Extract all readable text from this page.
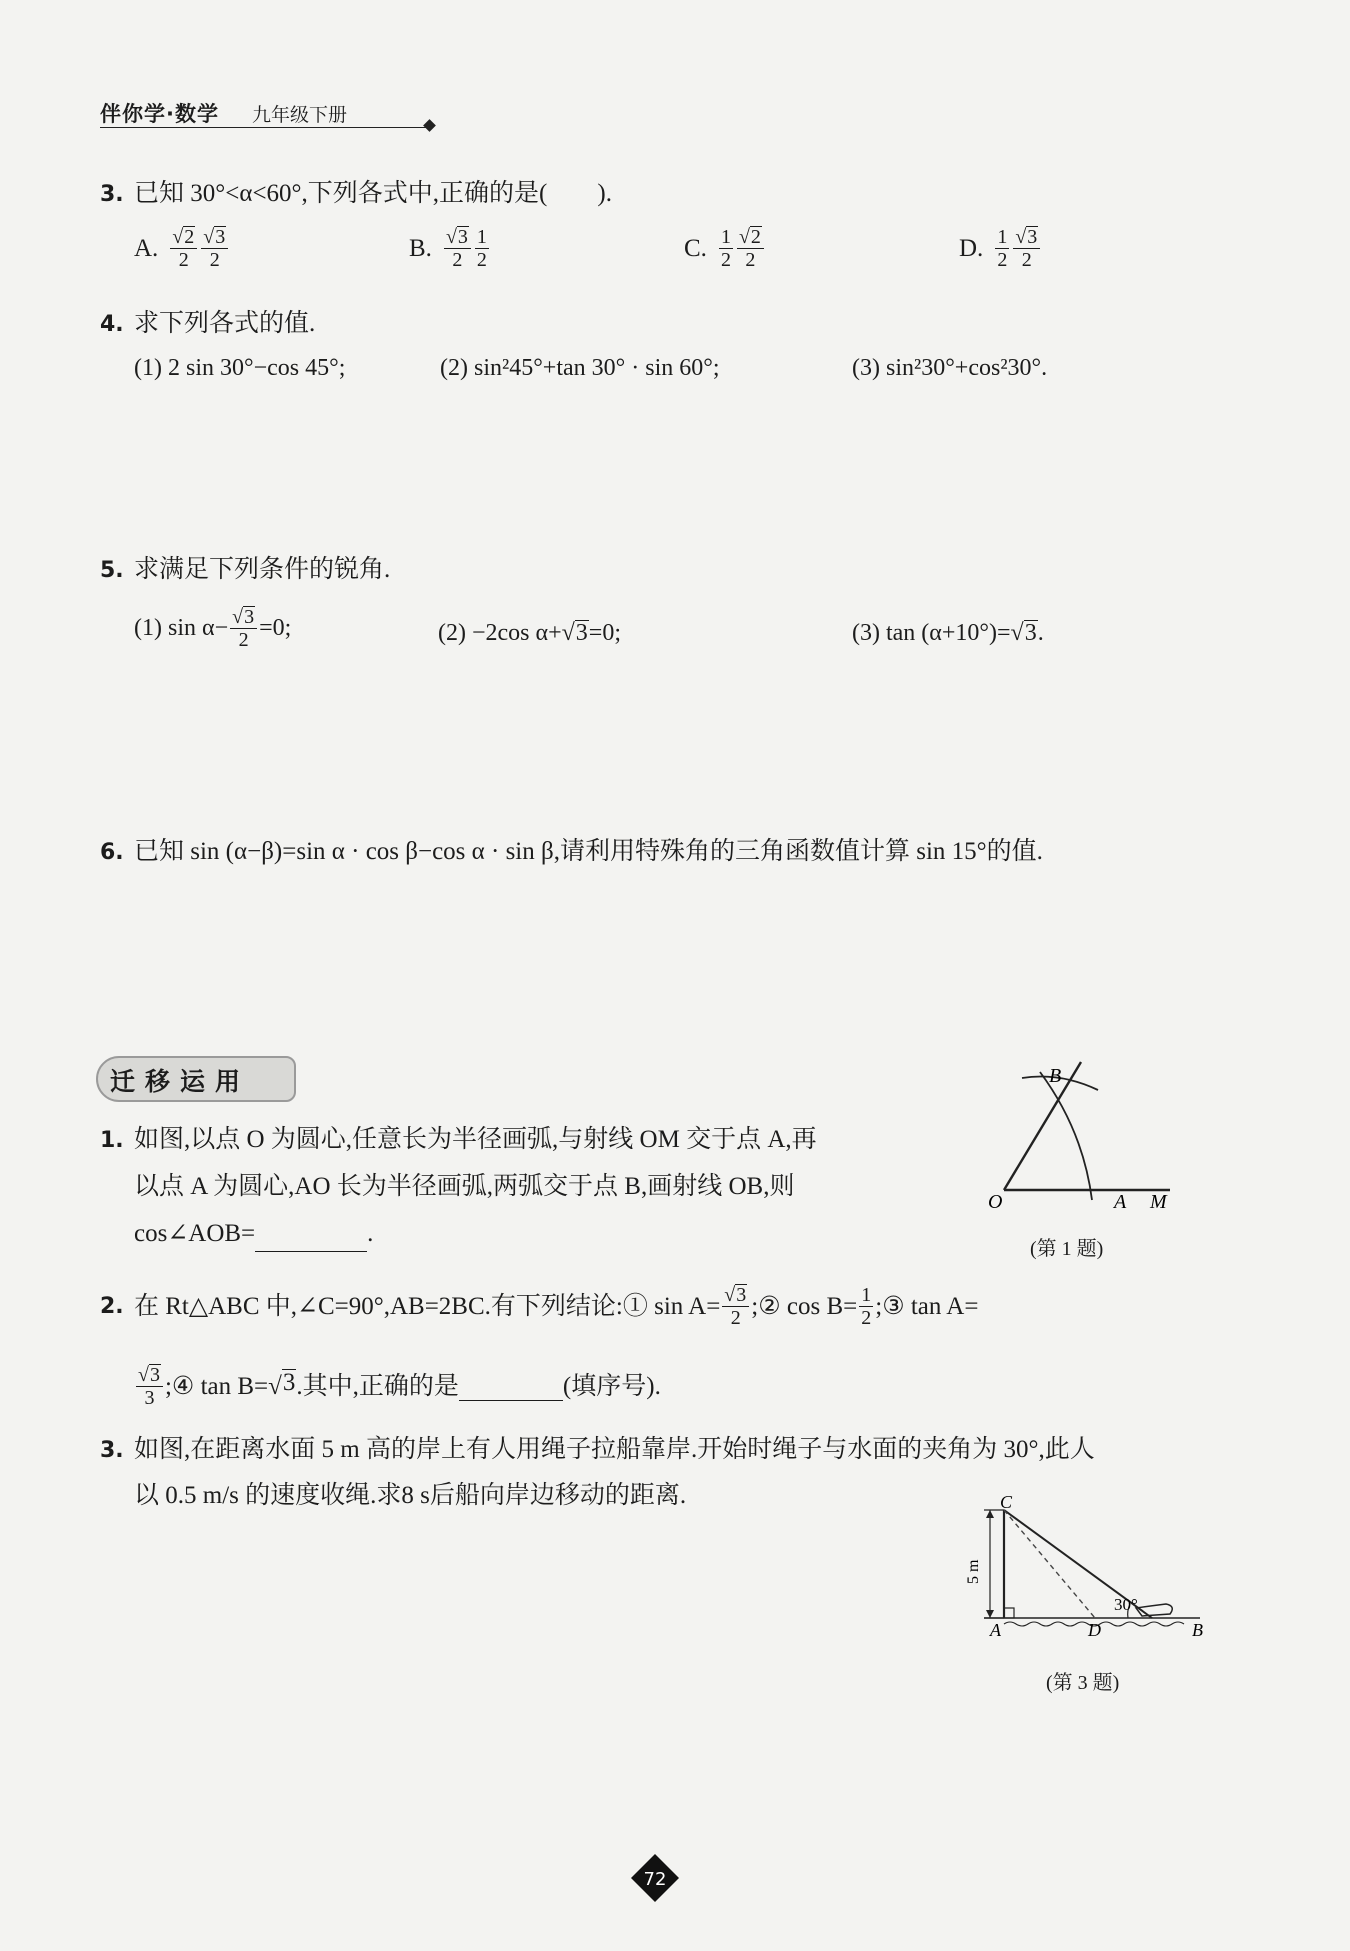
伴你学·数学 九年级下册
3. 已知 30°<α<60°,下列各式中,正确的是(　　).
A. $\frac{√ 2}{2} \frac{√ 3}{2}$	B. $\frac{√ 3}{2} \frac{1}{2}$	C. $\frac{1}{2} \frac{√ 2}{2}$	D. $\frac{1}{2} \frac{√ 3}{2}$
4. 求下列各式的值.
(1) 2 sin 30°−cos 45°;	(2) sin²45°+tan 30° · sin 60°;	(3) sin²30°+cos²30°.
5. 求满足下列条件的锐角.
(1) $\sin \alpha- \frac{√ 3}{2} =0$;	(2) −2cos α+ √ 3 =0;	(3) tan (α+10°)= √ 3 .
6. 已知 sin (α−β)=sin α · cos β−cos α · sin β,请利用特殊角的三角函数值计算 sin 15°的值.
迁移运用
1. 如图,以点 O 为圆心,任意长为半径画弧,与射线 OM 交于点 A,再
以点 A 为圆心,AO 长为半径画弧,两弧交于点 B,画射线 OB,则
cos∠AOB=	.
B
O	A M
(第 1 题)
2. 在 Rt△ABC 中,∠C=90°,AB=2BC.有下列结论:① $\sin A= \frac{√ 3}{2}$ ;② $\cos B= \frac{1}{2}$ ;③ tan A=
$\frac{√ 3}{3}$ ;④ tan B= √ 3 .其中,正确的是	(填序号).
3. 如图,在距离水面 5 m 高的岸上有人用绳子拉船靠岸.开始时绳子与水面的夹角为 30°,此人
以 0.5 m/s 的速度收绳.求8 s后船向岸边移动的距离.	C
A	D	B
30°
5 m
(第 3 题)
72
